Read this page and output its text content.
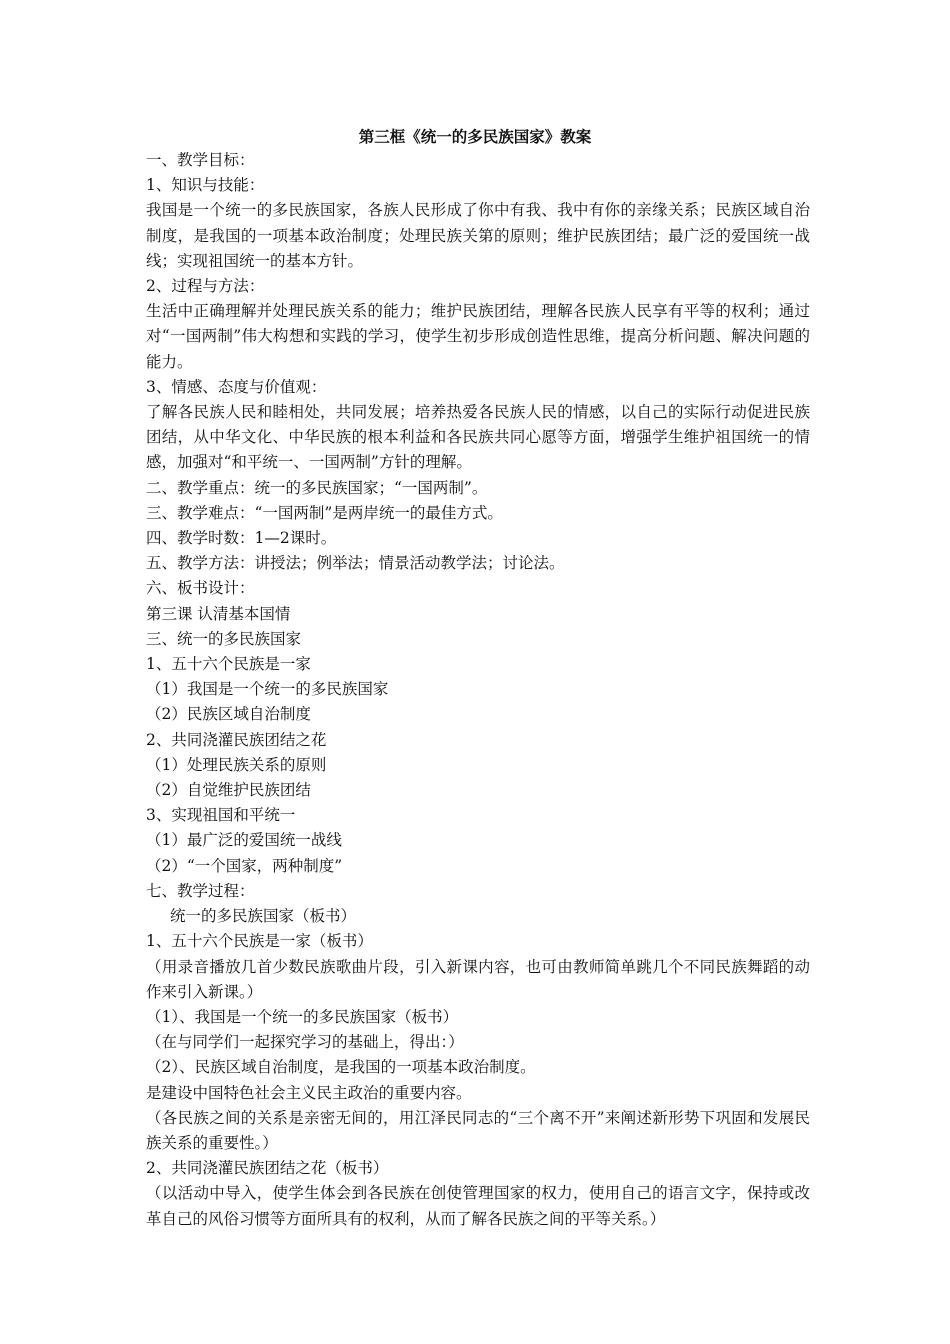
第三框《统一的多民族国家》教案

一、教学目标：

1、知识与技能：

我国是一个统一的多民族国家，各族人民形成了你中有我、我中有你的亲缘关系；民族区域自治制度，是我国的一项基本政治制度；处理民族关第的原则；维护民族团结；最广泛的爱国统一战线；实现祖国统一的基本方针。

2、过程与方法：

生活中正确理解并处理民族关系的能力；维护民族团结，理解各民族人民享有平等的权利；通过对“一国两制”伟大构想和实践的学习，使学生初步形成创造性思维，提高分析问题、解决问题的能力。

3、情感、态度与价值观：

了解各民族人民和睦相处，共同发展；培养热爱各民族人民的情感，以自己的实际行动促进民族团结，从中华文化、中华民族的根本利益和各民族共同心愿等方面，增强学生维护祖国统一的情感，加强对“和平统一、一国两制”方针的理解。

二、教学重点：统一的多民族国家；“一国两制”。

三、教学难点：“一国两制”是两岸统一的最佳方式。

四、教学时数：1—2课时。

五、教学方法：讲授法；例举法；情景活动教学法；讨论法。

六、板书设计：

第三课 认清基本国情

三、统一的多民族国家

1、五十六个民族是一家

（1）我国是一个统一的多民族国家

（2）民族区域自治制度

2、共同浇灌民族团结之花

（1）处理民族关系的原则

（2）自觉维护民族团结

3、实现祖国和平统一

（1）最广泛的爱国统一战线

（2）“一个国家，两种制度”

七、教学过程：

统一的多民族国家（板书）

1、五十六个民族是一家（板书）

（用录音播放几首少数民族歌曲片段，引入新课内容，也可由教师简单跳几个不同民族舞蹈的动作来引入新课。）

（1）、我国是一个统一的多民族国家（板书）

（在与同学们一起探究学习的基础上，得出：）

（2）、民族区域自治制度，是我国的一项基本政治制度。

是建设中国特色社会主义民主政治的重要内容。

（各民族之间的关系是亲密无间的，用江泽民同志的“三个离不开”来阐述新形势下巩固和发展民族关系的重要性。）

2、共同浇灌民族团结之花（板书）

（以活动中导入，使学生体会到各民族在创使管理国家的权力，使用自己的语言文字，保持或改革自己的风俗习惯等方面所具有的权利，从而了解各民族之间的平等关系。）
